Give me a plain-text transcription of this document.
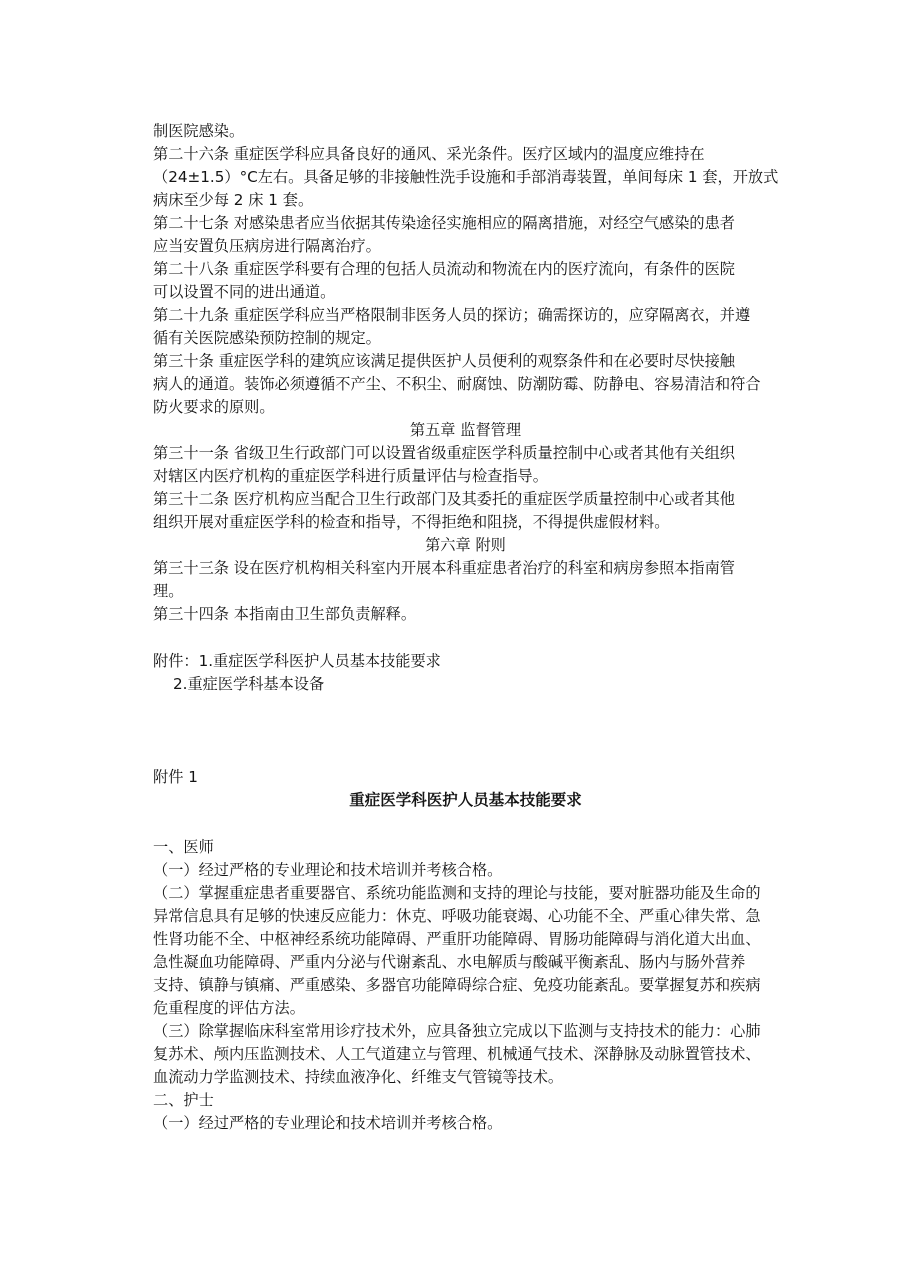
制医院感染。
第二十六条 重症医学科应具备良好的通风、采光条件。医疗区域内的温度应维持在
（24±1.5）°C左右。具备足够的非接触性洗手设施和手部消毒装置，单间每床 1 套，开放式
病床至少每 2 床 1 套。
第二十七条 对感染患者应当依据其传染途径实施相应的隔离措施，对经空气感染的患者
应当安置负压病房进行隔离治疗。
第二十八条 重症医学科要有合理的包括人员流动和物流在内的医疗流向，有条件的医院
可以设置不同的进出通道。
第二十九条 重症医学科应当严格限制非医务人员的探访；确需探访的，应穿隔离衣，并遵
循有关医院感染预防控制的规定。
第三十条 重症医学科的建筑应该满足提供医护人员便利的观察条件和在必要时尽快接触
病人的通道。装饰必须遵循不产尘、不积尘、耐腐蚀、防潮防霉、防静电、容易清洁和符合
防火要求的原则。
第五章 监督管理
第三十一条 省级卫生行政部门可以设置省级重症医学科质量控制中心或者其他有关组织
对辖区内医疗机构的重症医学科进行质量评估与检查指导。
第三十二条 医疗机构应当配合卫生行政部门及其委托的重症医学质量控制中心或者其他
组织开展对重症医学科的检查和指导，不得拒绝和阻挠，不得提供虚假材料。
第六章 附则
第三十三条 设在医疗机构相关科室内开展本科重症患者治疗的科室和病房参照本指南管
理。
第三十四条 本指南由卫生部负责解释。
附件：1.重症医学科医护人员基本技能要求
2.重症医学科基本设备
附件 1
重症医学科医护人员基本技能要求
一、医师
（一）经过严格的专业理论和技术培训并考核合格。
（二）掌握重症患者重要器官、系统功能监测和支持的理论与技能，要对脏器功能及生命的
异常信息具有足够的快速反应能力：休克、呼吸功能衰竭、心功能不全、严重心律失常、急
性肾功能不全、中枢神经系统功能障碍、严重肝功能障碍、胃肠功能障碍与消化道大出血、
急性凝血功能障碍、严重内分泌与代谢紊乱、水电解质与酸碱平衡紊乱、肠内与肠外营养
支持、镇静与镇痛、严重感染、多器官功能障碍综合症、免疫功能紊乱。要掌握复苏和疾病
危重程度的评估方法。
（三）除掌握临床科室常用诊疗技术外，应具备独立完成以下监测与支持技术的能力：心肺
复苏术、颅内压监测技术、人工气道建立与管理、机械通气技术、深静脉及动脉置管技术、
血流动力学监测技术、持续血液净化、纤维支气管镜等技术。
二、护士
（一）经过严格的专业理论和技术培训并考核合格。
